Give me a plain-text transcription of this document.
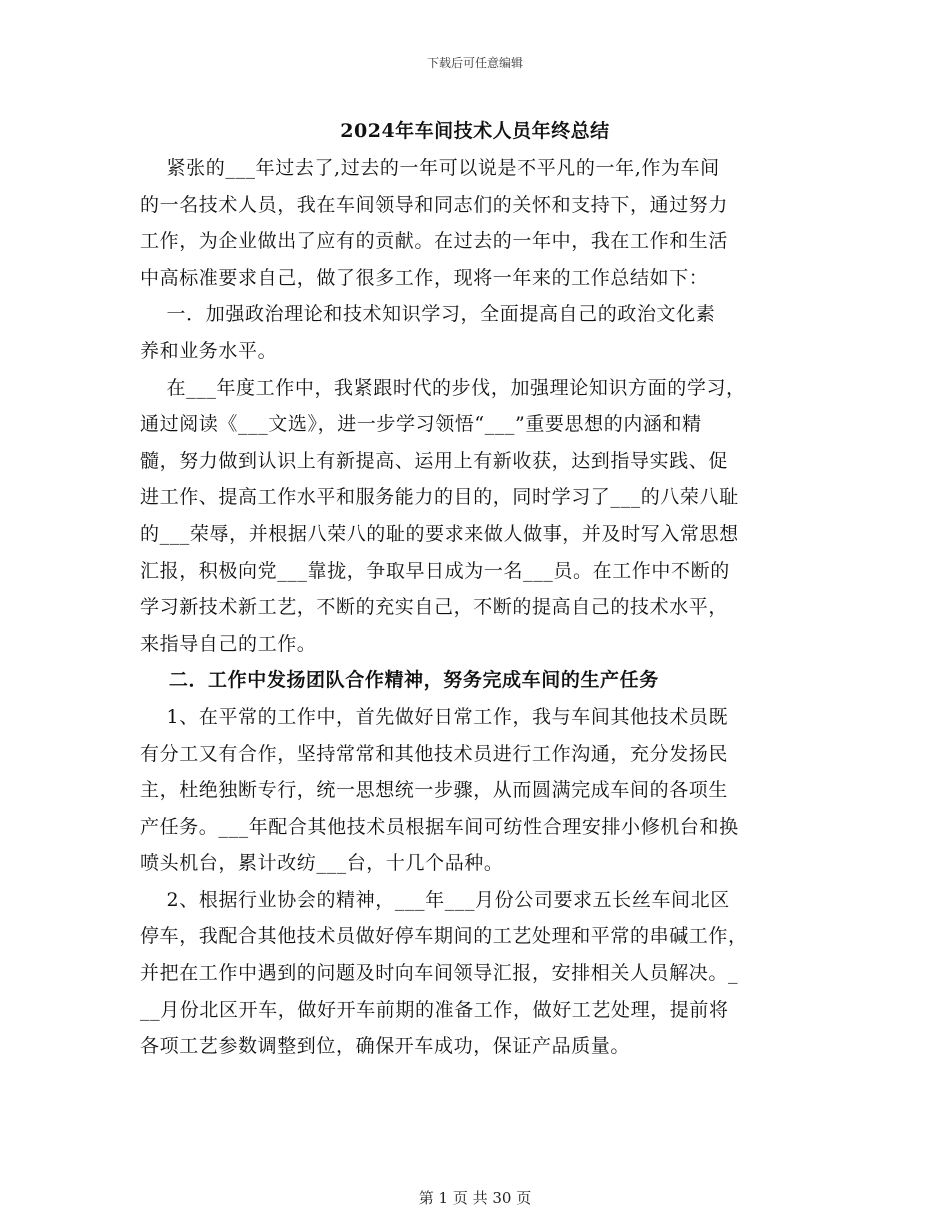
下载后可任意编辑
2024年车间技术人员年终总结
紧张的___年过去了,过去的一年可以说是不平凡的一年,作为车间
的一名技术人员，我在车间领导和同志们的关怀和支持下，通过努力
工作，为企业做出了应有的贡献。在过去的一年中，我在工作和生活
中高标准要求自己，做了很多工作，现将一年来的工作总结如下：
一．加强政治理论和技术知识学习，全面提高自己的政治文化素
养和业务水平。
在___年度工作中，我紧跟时代的步伐，加强理论知识方面的学习，
通过阅读《___文选》，进一步学习领悟“___”重要思想的内涵和精
髓，努力做到认识上有新提高、运用上有新收获，达到指导实践、促
进工作、提高工作水平和服务能力的目的，同时学习了___的八荣八耻
的___荣辱，并根据八荣八的耻的要求来做人做事，并及时写入常思想
汇报，积极向党___靠拢，争取早日成为一名___员。在工作中不断的
学习新技术新工艺，不断的充实自己，不断的提高自己的技术水平，
来指导自己的工作。
二．工作中发扬团队合作精神，努务完成车间的生产任务
1、在平常的工作中，首先做好日常工作，我与车间其他技术员既
有分工又有合作，坚持常常和其他技术员进行工作沟通，充分发扬民
主，杜绝独断专行，统一思想统一步骤，从而圆满完成车间的各项生
产任务。___年配合其他技术员根据车间可纺性合理安排小修机台和换
喷头机台，累计改纺___台，十几个品种。
2、根据行业协会的精神，___年___月份公司要求五长丝车间北区
停车，我配合其他技术员做好停车期间的工艺处理和平常的串碱工作，
并把在工作中遇到的问题及时向车间领导汇报，安排相关人员解决。_
__月份北区开车，做好开车前期的准备工作，做好工艺处理，提前将
各项工艺参数调整到位，确保开车成功，保证产品质量。
第 1 页 共 30 页
